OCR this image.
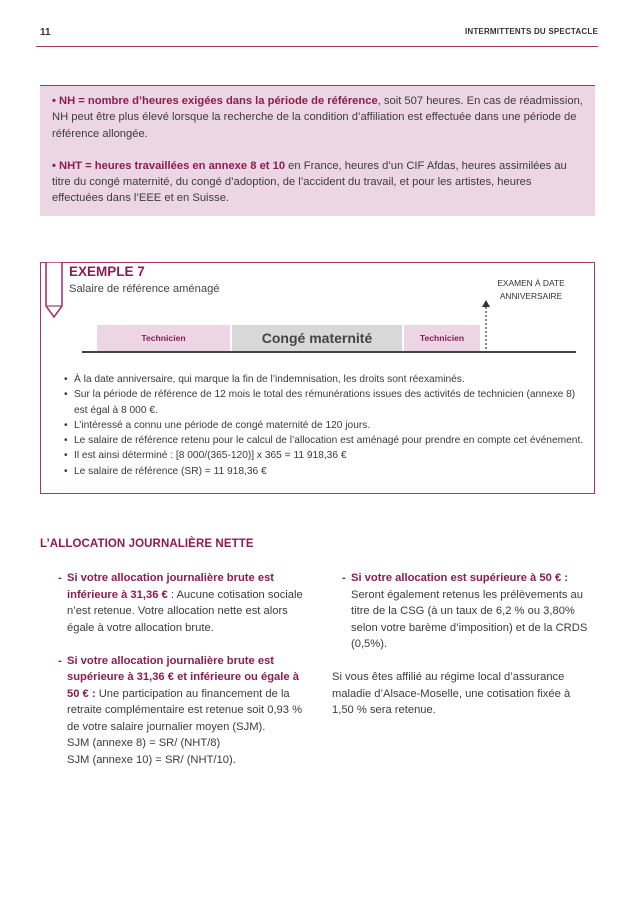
11	INTERMITTENTS DU SPECTACLE

• NH = nombre d’heures exigées dans la période de référence, soit 507 heures. En cas de réadmission, NH peut être plus élevé lorsque la recherche de la condition d’affiliation est effectuée dans une période de référence allongée.

• NHT = heures travaillées en annexe 8 et 10 en France, heures d’un CIF Afdas, heures assimilées au titre du congé maternité, du congé d’adoption, de l’accident du travail, et pour les artistes, heures effectuées dans l’EEE et en Suisse.

EXEMPLE 7
Salaire de référence aménagé	EXAMEN À DATE
ANNIVERSAIRE
Technicien	Congé maternité	Technicien
• À la date anniversaire, qui marque la fin de l’indemnisation, les droits sont réexaminés.
• Sur la période de référence de 12 mois le total des rémunérations issues des activités de technicien (annexe 8) est égal à 8 000 €.
• L’intéressé a connu une période de congé maternité de 120 jours.
• Le salaire de référence retenu pour le calcul de l’allocation est aménagé pour prendre en compte cet événement.
• Il est ainsi déterminé : [8 000/(365-120)] x 365 = 11 918,36 €
• Le salaire de référence (SR) = 11 918,36 €
L’ALLOCATION JOURNALIÈRE NETTE
- Si votre allocation journalière brute est inférieure à 31,36 € : Aucune cotisation sociale n’est retenue. Votre allocation nette est alors égale à votre allocation brute.
- Si votre allocation journalière brute est supérieure à 31,36 € et inférieure ou égale à 50 € : Une participation au financement de la retraite complémentaire est retenue soit 0,93 % de votre salaire journalier moyen (SJM).
SJM (annexe 8) = SR/ (NHT/8)
SJM (annexe 10) = SR/ (NHT/10).
- Si votre allocation est supérieure à 50 € : Seront également retenus les prélèvements au titre de la CSG (à un taux de 6,2 % ou 3,80% selon votre barème d’imposition) et de la CRDS (0,5%).
Si vous êtes affilié au régime local d’assurance maladie d’Alsace-Moselle, une cotisation fixée à 1,50 % sera retenue.
